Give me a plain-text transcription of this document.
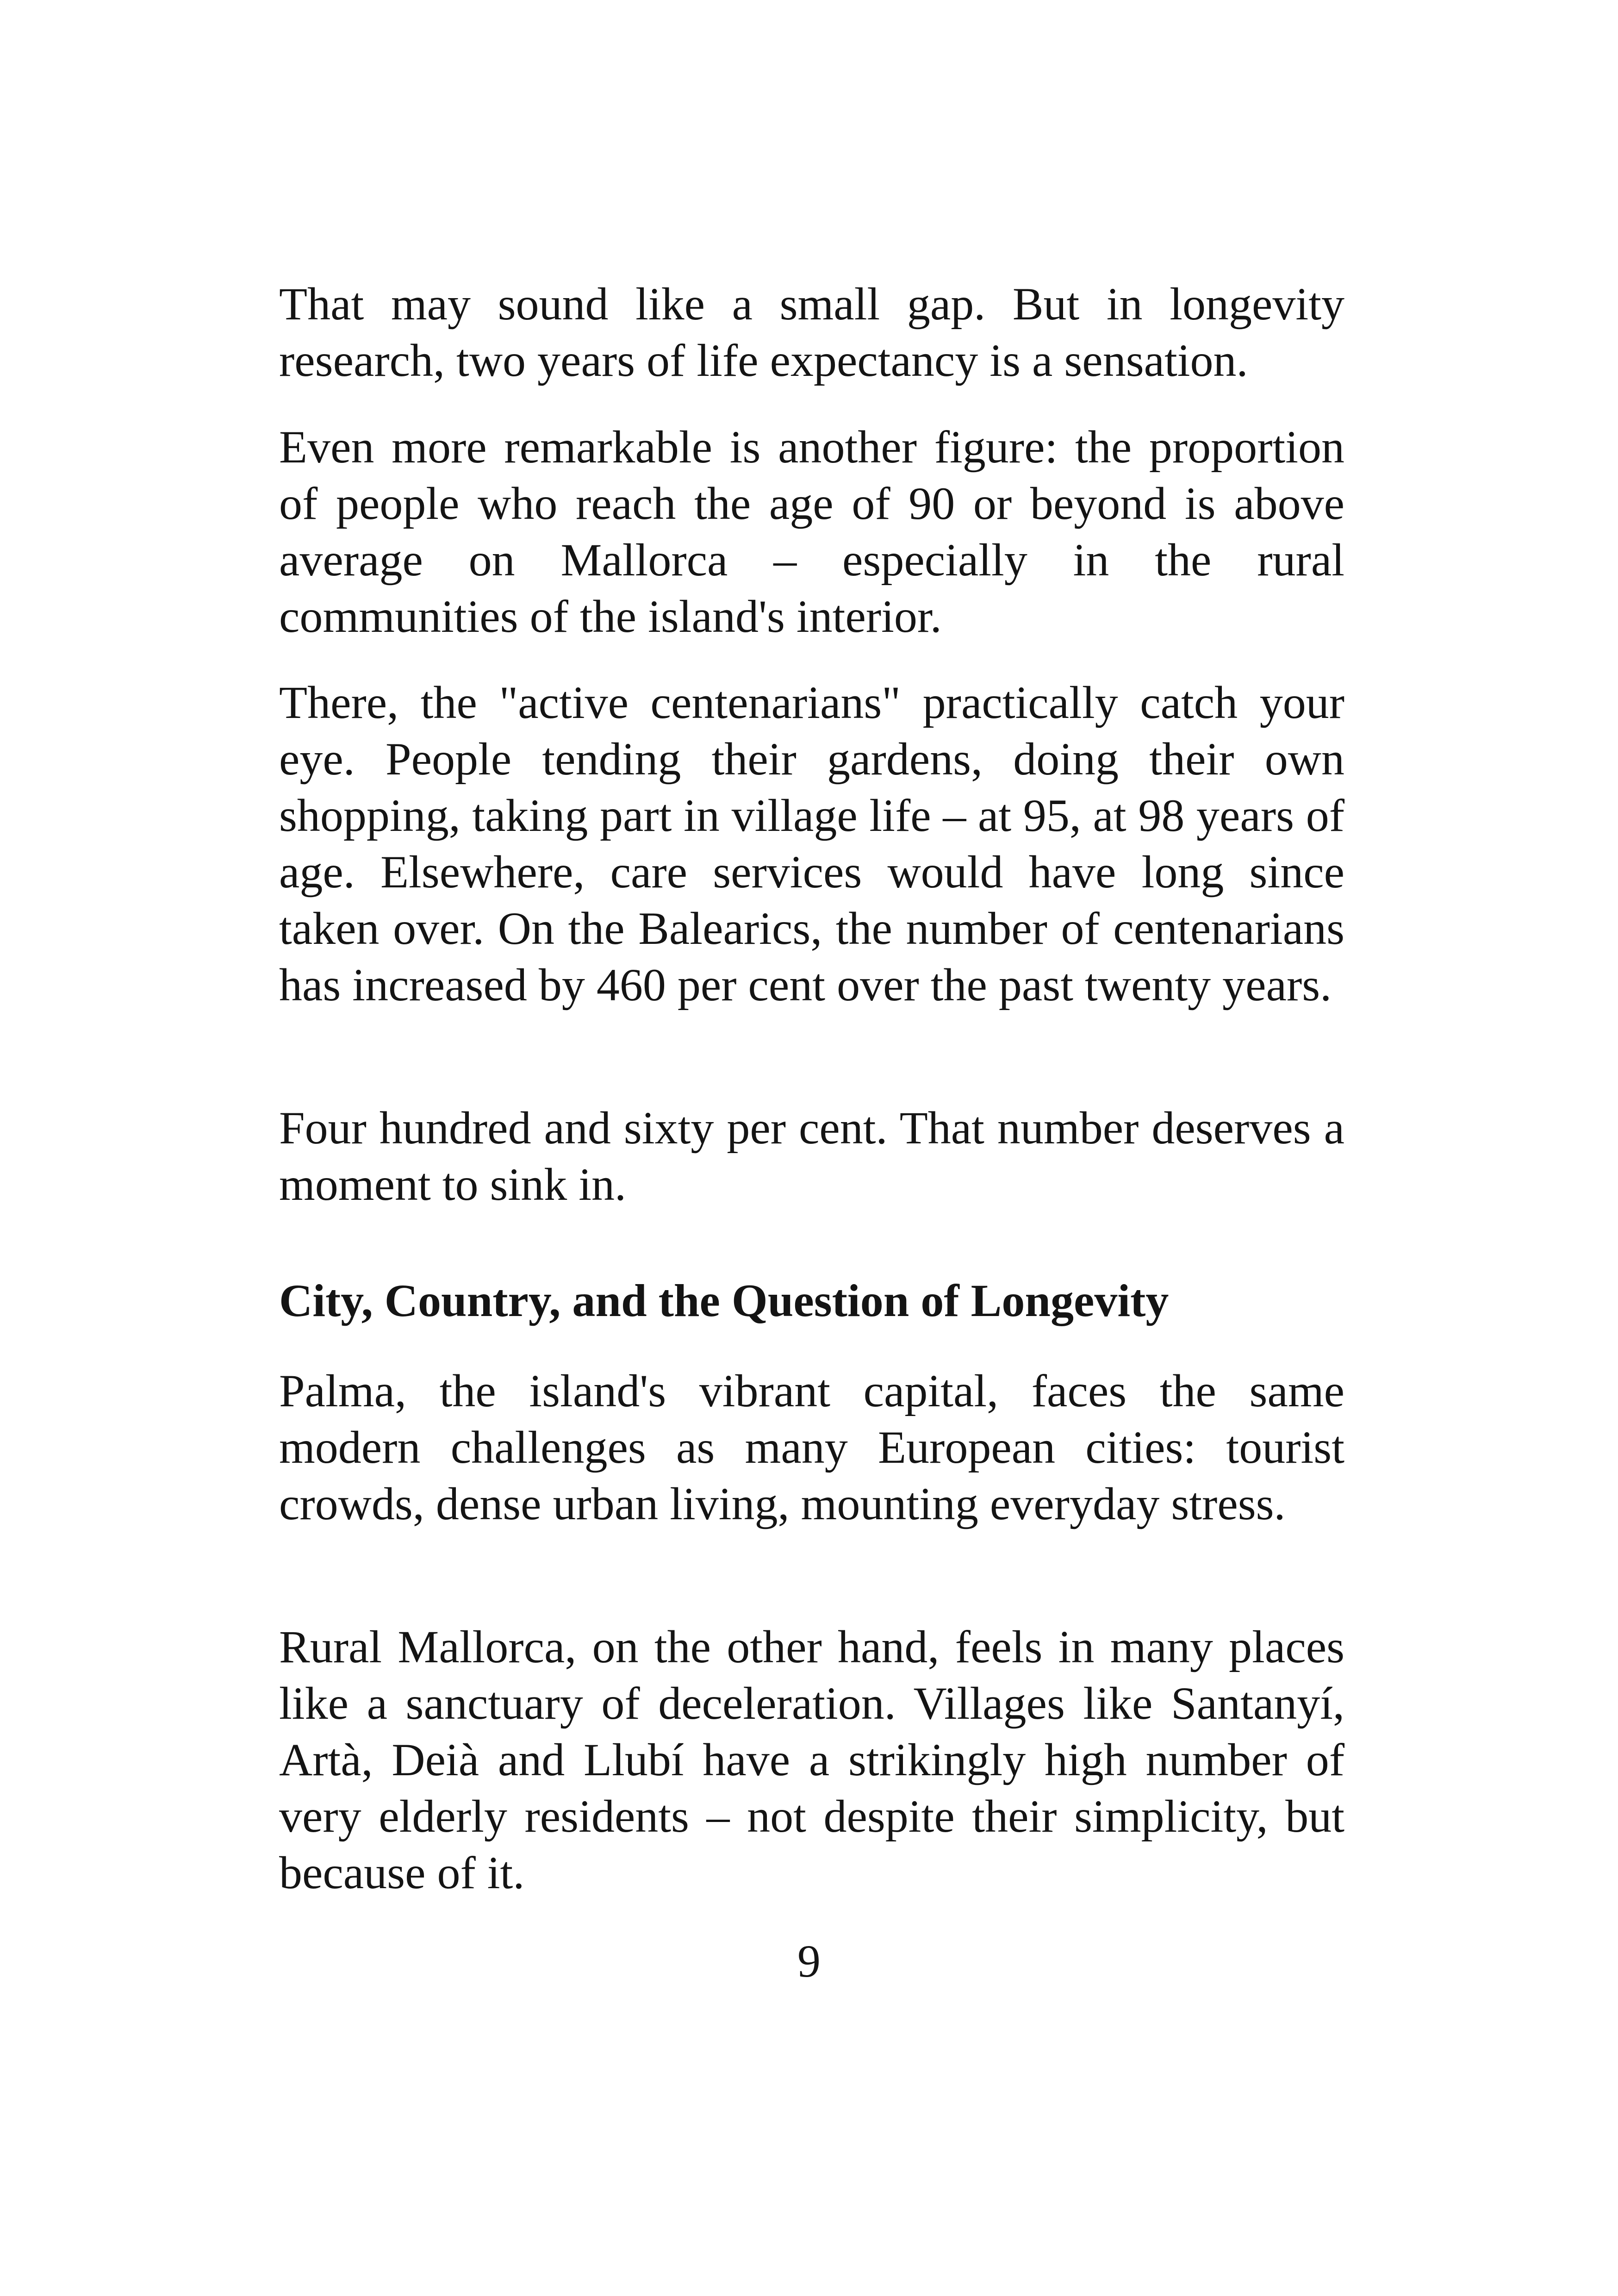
That may sound like a small gap. But in longevity research, two years of life expectancy is a sensation.

Even more remarkable is another figure: the proportion of people who reach the age of 90 or beyond is above average on Mallorca – especially in the rural communities of the island's interior.

There, the "active centenarians" practically catch your eye. People tending their gardens, doing their own shopping, taking part in village life – at 95, at 98 years of age. Elsewhere, care services would have long since taken over. On the Balearics, the number of centenarians has increased by 460 per cent over the past twenty years.

Four hundred and sixty per cent. That number deserves a moment to sink in.

City, Country, and the Question of Longevity

Palma, the island's vibrant capital, faces the same modern challenges as many European cities: tourist crowds, dense urban living, mounting everyday stress.

Rural Mallorca, on the other hand, feels in many places like a sanctuary of deceleration. Villages like Santanyí, Artà, Deià and Llubí have a strikingly high number of very elderly residents – not despite their simplicity, but because of it.

9
